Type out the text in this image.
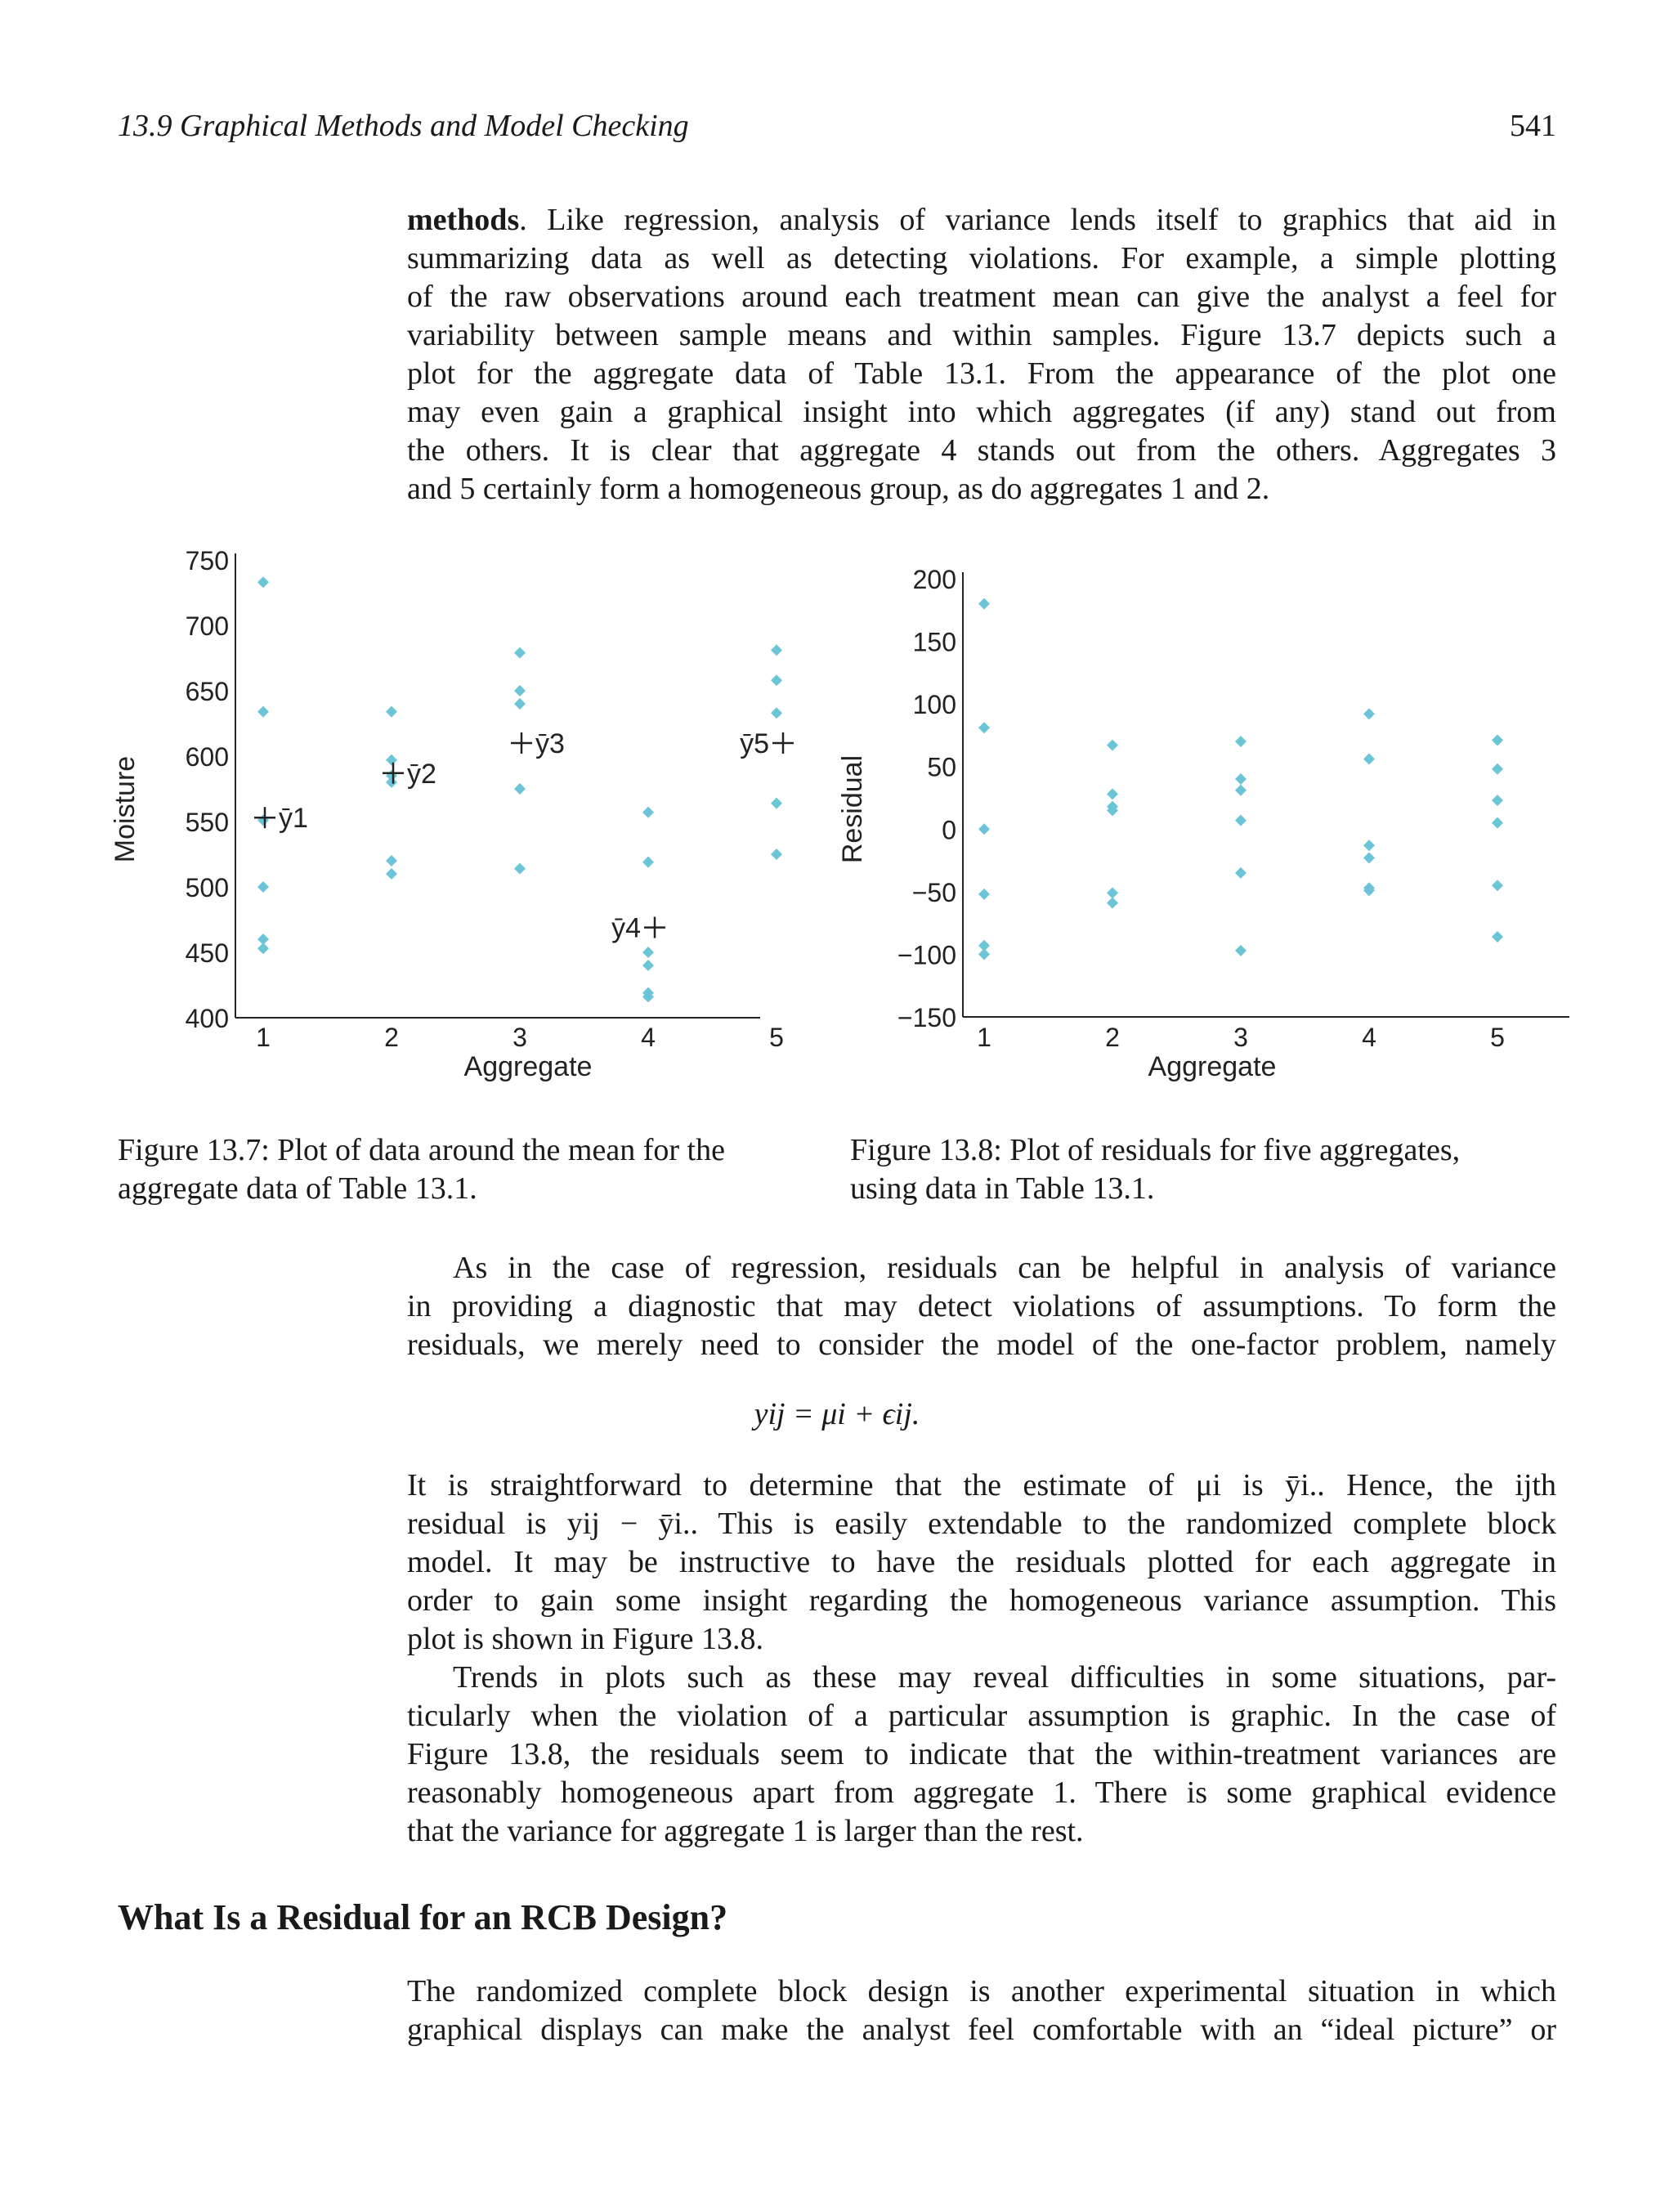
13.9 Graphical Methods and Model Checking	541
methods. Like regression, analysis of variance lends itself to graphics that aid in
summarizing data as well as detecting violations. For example, a simple plotting
of the raw observations around each treatment mean can give the analyst a feel for
variability between sample means and within samples. Figure 13.7 depicts such a
plot for the aggregate data of Table 13.1. From the appearance of the plot one
may even gain a graphical insight into which aggregates (if any) stand out from
the others. It is clear that aggregate 4 stands out from the others. Aggregates 3
and 5 certainly form a homogeneous group, as do aggregates 1 and 2.
400
450
500
550
600
650
700
750
1	2	3	4	5
ȳ1
ȳ2
ȳ3
ȳ4
ȳ5
Aggregate
Moisture
200
150
100
50
0
−50
−100
−150
1	2	3	4	5
Aggregate
Residual
Figure 13.7: Plot of data around the mean for the
aggregate data of Table 13.1.
Figure 13.8: Plot of residuals for five aggregates,
using data in Table 13.1.
As in the case of regression, residuals can be helpful in analysis of variance
in providing a diagnostic that may detect violations of assumptions. To form the
residuals, we merely need to consider the model of the one-factor problem, namely
yij = μi + ϵij.
It is straightforward to determine that the estimate of μi is ȳi.. Hence, the ijth
residual is yij − ȳi.. This is easily extendable to the randomized complete block
model. It may be instructive to have the residuals plotted for each aggregate in
order to gain some insight regarding the homogeneous variance assumption. This
plot is shown in Figure 13.8.
Trends in plots such as these may reveal difficulties in some situations, par-
ticularly when the violation of a particular assumption is graphic. In the case of
Figure 13.8, the residuals seem to indicate that the within-treatment variances are
reasonably homogeneous apart from aggregate 1. There is some graphical evidence
that the variance for aggregate 1 is larger than the rest.
What Is a Residual for an RCB Design?
The randomized complete block design is another experimental situation in which
graphical displays can make the analyst feel comfortable with an “ideal picture” or
